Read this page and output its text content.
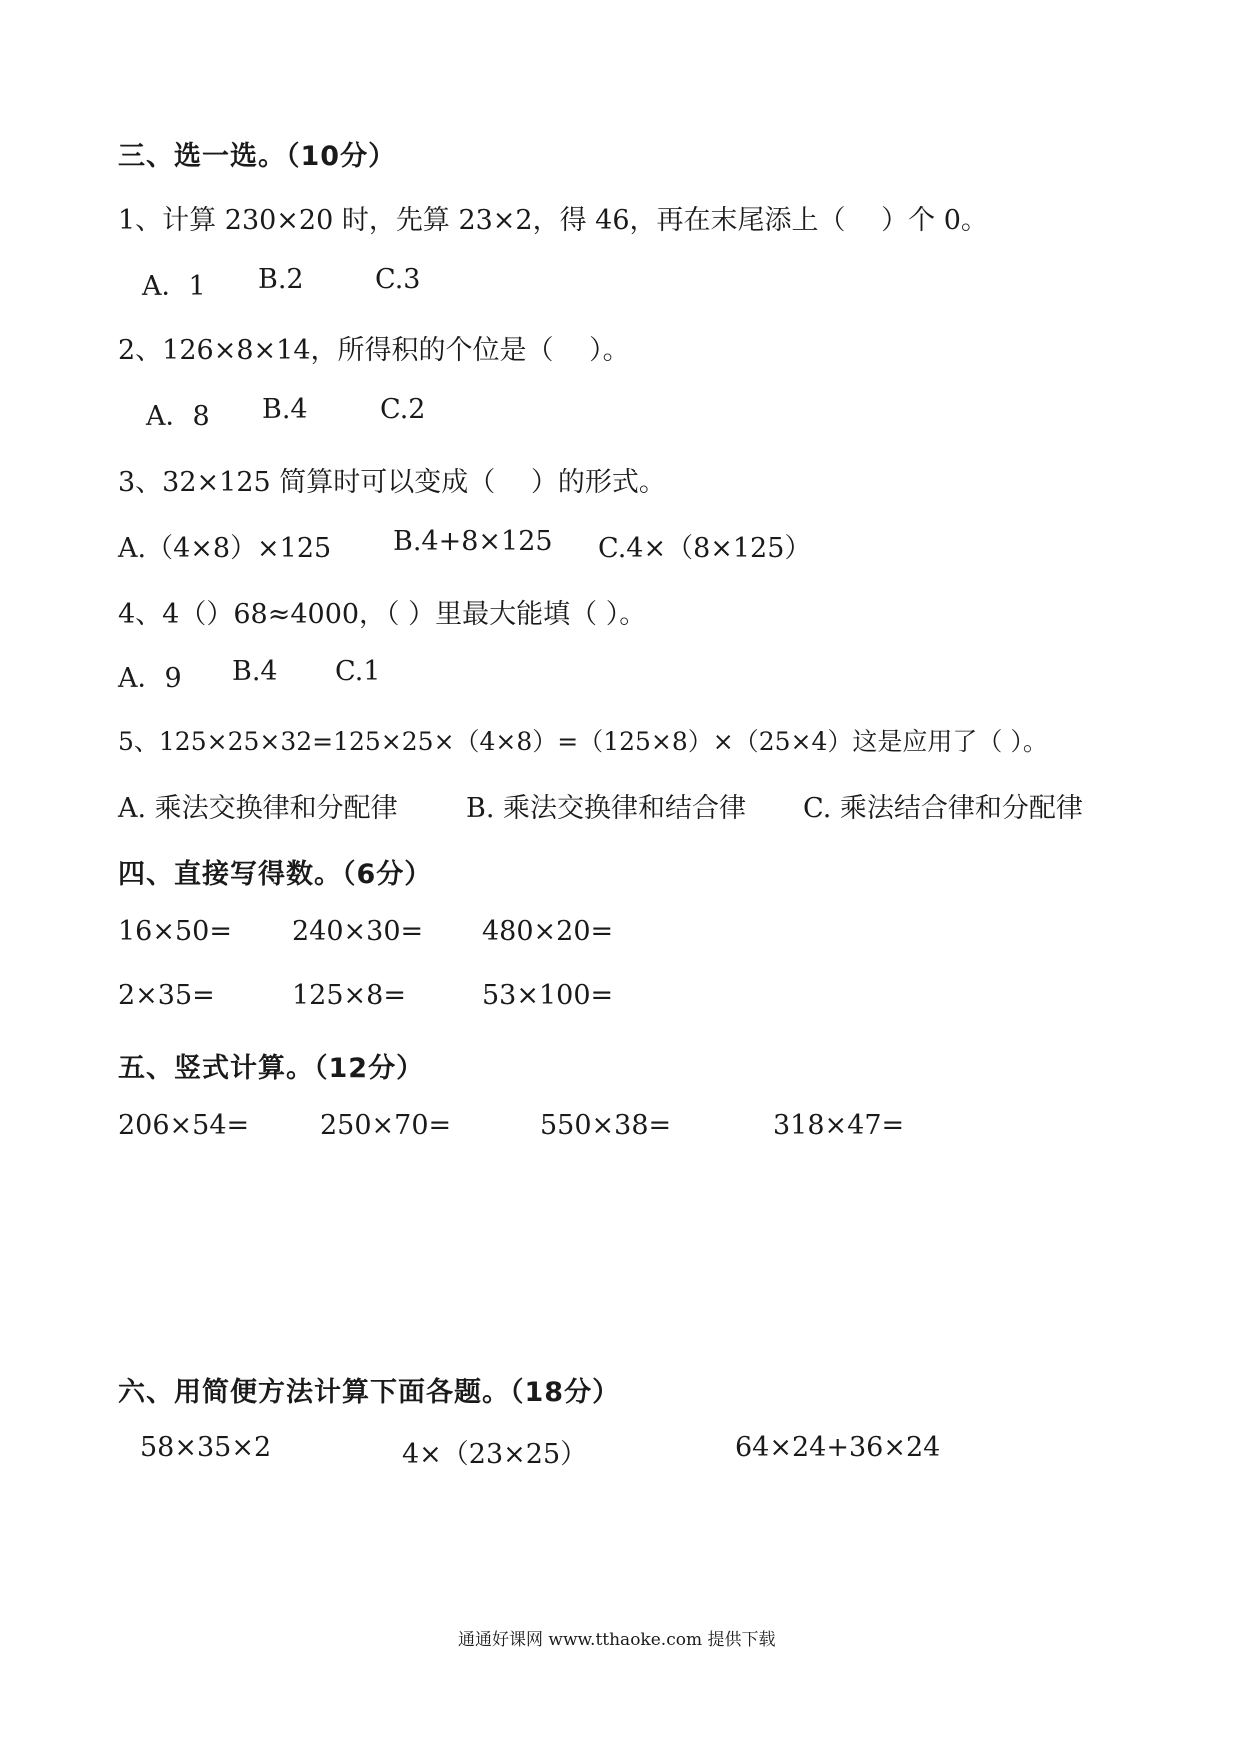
三、选一选。（10分）
1、计算 230×20 时，先算 23×2，得 46，再在末尾添上（　 ）个 0。
A．1 B.2	C.3
2、126×8×14，所得积的个位是（　 ）。
A．8 B.4	C.2
3、32×125 简算时可以变成（　 ）的形式。
A.（4×8）×125 B.4+8×125 C.4×（8×125）
4、4（）68≈4000，（ ）里最大能填（ ）。
A．9 B.4 C.1
5、125×25×32=125×25×（4×8）=（125×8）×（25×4）这是应用了（ ）。
A. 乘法交换律和分配律	B. 乘法交换律和结合律 C. 乘法结合律和分配律
四、直接写得数。（6分）
16×50= 240×30= 480×20=
2×35=	125×8=	53×100=
五、竖式计算。（12分）
206×54=	250×70=	550×38=	318×47=
六、用简便方法计算下面各题。（18分）
58×35×2	4×（23×25）	64×24+36×24
通通好课网 www.tthaoke.com 提供下载
